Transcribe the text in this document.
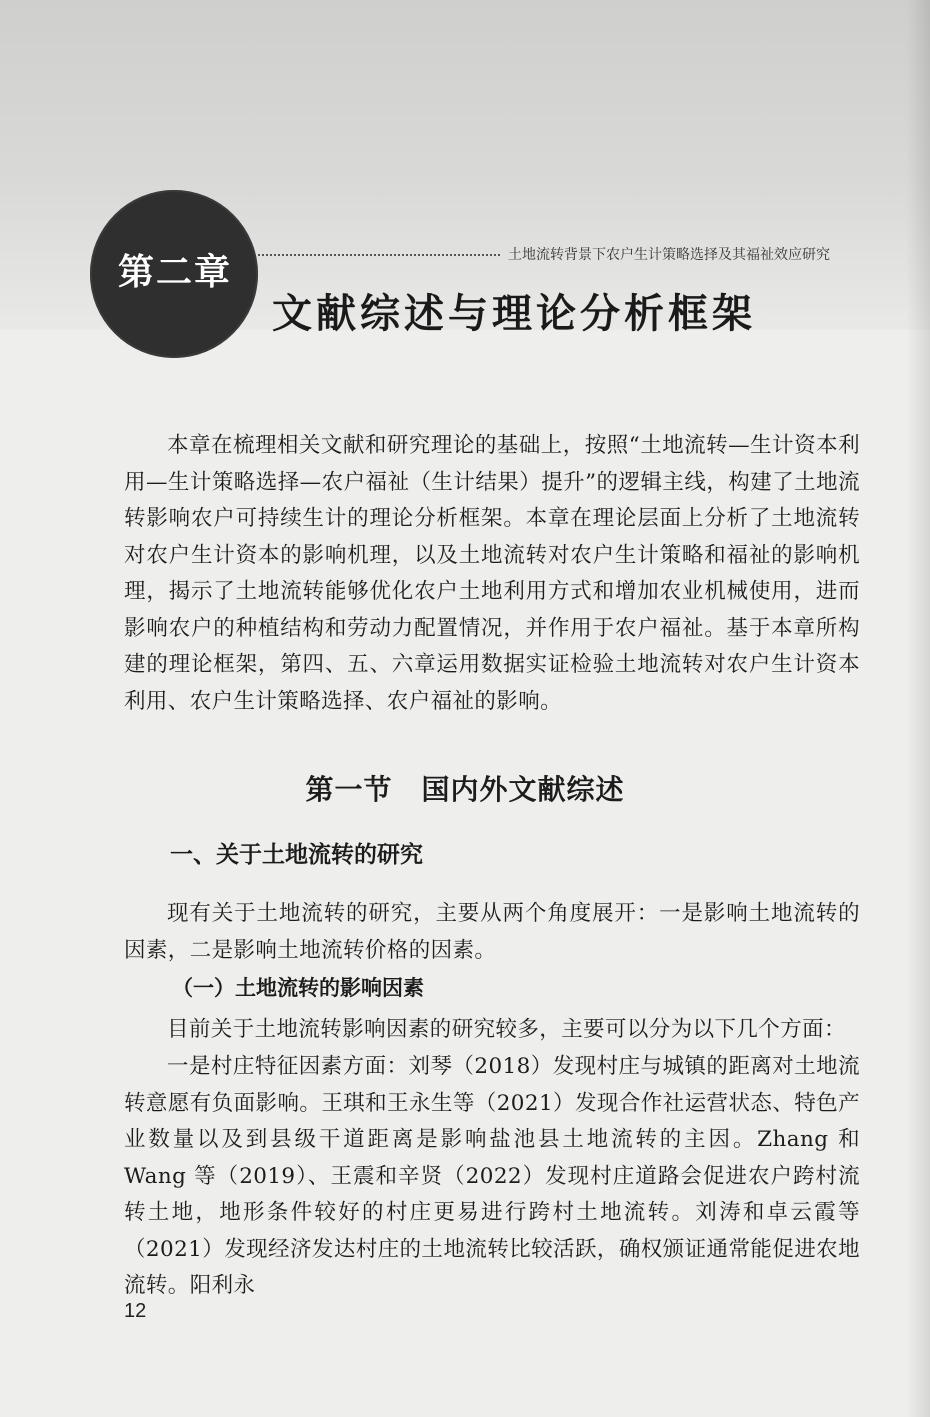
第二章	土地流转背景下农户生计策略选择及其福祉效应研究
文献综述与理论分析框架
本章在梳理相关文献和研究理论的基础上，按照“土地流转—生计资本利用—生计策略选择—农户福祉（生计结果）提升”的逻辑主线，构建了土地流转影响农户可持续生计的理论分析框架。本章在理论层面上分析了土地流转对农户生计资本的影响机理，以及土地流转对农户生计策略和福祉的影响机理，揭示了土地流转能够优化农户土地利用方式和增加农业机械使用，进而影响农户的种植结构和劳动力配置情况，并作用于农户福祉。基于本章所构建的理论框架，第四、五、六章运用数据实证检验土地流转对农户生计资本利用、农户生计策略选择、农户福祉的影响。
第一节　国内外文献综述
一、关于土地流转的研究
现有关于土地流转的研究，主要从两个角度展开：一是影响土地流转的因素，二是影响土地流转价格的因素。
（一）土地流转的影响因素
目前关于土地流转影响因素的研究较多，主要可以分为以下几个方面：
一是村庄特征因素方面：刘琴（2018）发现村庄与城镇的距离对土地流转意愿有负面影响。王琪和王永生等（2021）发现合作社运营状态、特色产业数量以及到县级干道距离是影响盐池县土地流转的主因。Zhang 和 Wang 等（2019）、王震和辛贤（2022）发现村庄道路会促进农户跨村流转土地，地形条件较好的村庄更易进行跨村土地流转。刘涛和卓云霞等（2021）发现经济发达村庄的土地流转比较活跃，确权颁证通常能促进农地流转。阳利永
12
